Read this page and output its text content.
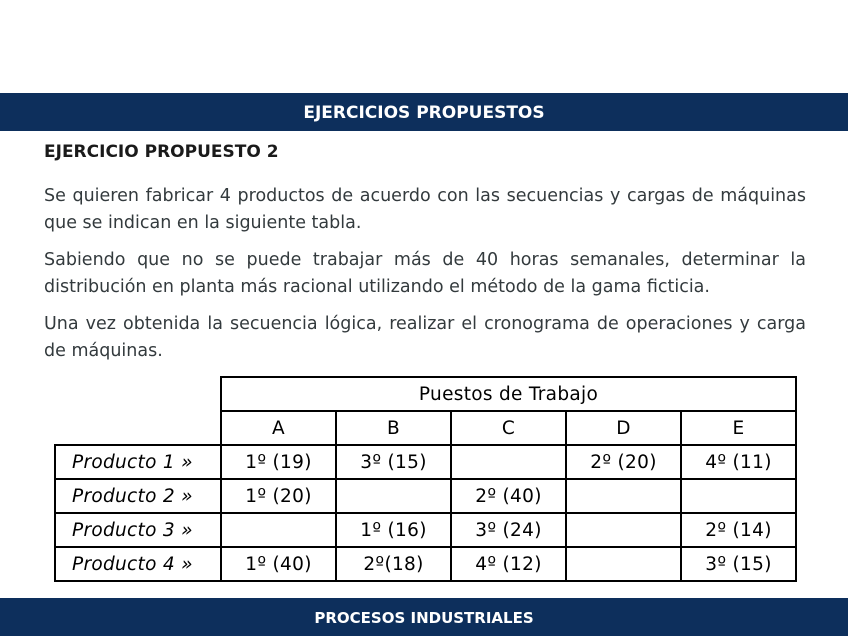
EJERCICIOS PROPUESTOS
EJERCICIO PROPUESTO 2

Se quieren fabricar 4 productos de acuerdo con las secuencias y cargas de máquinas que se indican en la siguiente tabla.

Sabiendo que no se puede trabajar más de 40 horas semanales, determinar la distribución en planta más racional utilizando el método de la gama ficticia.

Una vez obtenida la secuencia lógica, realizar el cronograma de operaciones y carga de máquinas.

	Puestos de Trabajo				
	A	B	C	D	E
Producto 1 »	1º (19)	3º (15)		2º (20)	4º (11)
Producto 2 »	1º (20)		2º (40)		
Producto 3 »		1º (16)	3º (24)		2º (14)
Producto 4 »	1º (40)	2º(18)	4º (12)		3º (15)
PROCESOS INDUSTRIALES
